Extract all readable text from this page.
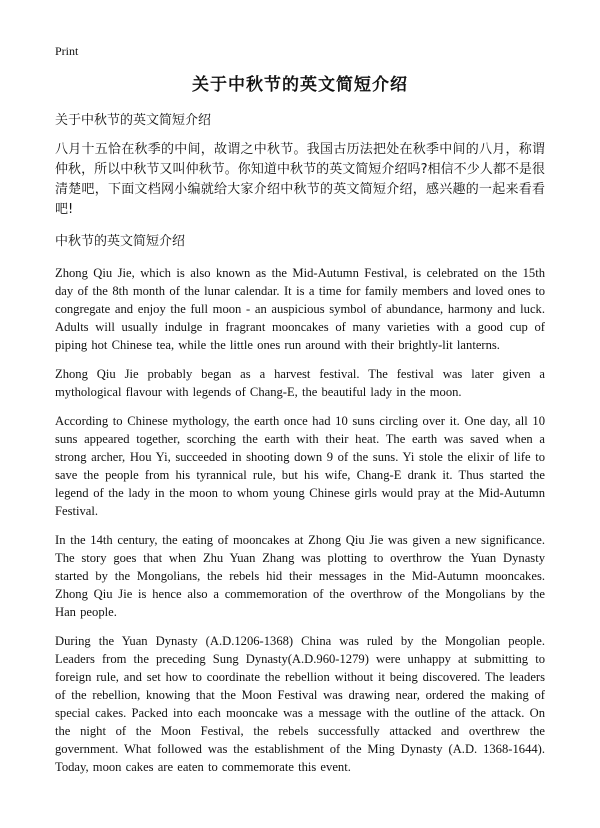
Print
关于中秋节的英文简短介绍

关于中秋节的英文简短介绍

八月十五恰在秋季的中间，故谓之中秋节。我国古历法把处在秋季中间的八月，称谓仲秋，所以中秋节又叫仲秋节。你知道中秋节的英文简短介绍吗?相信不少人都不是很清楚吧，下面文档网小编就给大家介绍中秋节的英文简短介绍，感兴趣的一起来看看吧!

中秋节的英文简短介绍

Zhong Qiu Jie, which is also known as the Mid-Autumn Festival, is celebrated on the 15th day of the 8th month of the lunar calendar. It is a time for family members and loved ones to congregate and enjoy the full moon - an auspicious symbol of abundance, harmony and luck. Adults will usually indulge in fragrant mooncakes of many varieties with a good cup of piping hot Chinese tea, while the little ones run around with their brightly-lit lanterns.

Zhong Qiu Jie probably began as a harvest festival. The festival was later given a mythological flavour with legends of Chang-E, the beautiful lady in the moon.

According to Chinese mythology, the earth once had 10 suns circling over it. One day, all 10 suns appeared together, scorching the earth with their heat. The earth was saved when a strong archer, Hou Yi, succeeded in shooting down 9 of the suns. Yi stole the elixir of life to save the people from his tyrannical rule, but his wife, Chang-E drank it. Thus started the legend of the lady in the moon to whom young Chinese girls would pray at the Mid-Autumn Festival.

In the 14th century, the eating of mooncakes at Zhong Qiu Jie was given a new significance. The story goes that when Zhu Yuan Zhang was plotting to overthrow the Yuan Dynasty started by the Mongolians, the rebels hid their messages in the Mid-Autumn mooncakes. Zhong Qiu Jie is hence also a commemoration of the overthrow of the Mongolians by the Han people.

During the Yuan Dynasty (A.D.1206-1368) China was ruled by the Mongolian people. Leaders from the preceding Sung Dynasty(A.D.960-1279) were unhappy at submitting to foreign rule, and set how to coordinate the rebellion without it being discovered. The leaders of the rebellion, knowing that the Moon Festival was drawing near, ordered the making of special cakes. Packed into each mooncake was a message with the outline of the attack. On the night of the Moon Festival, the rebels successfully attacked and overthrew the government. What followed was the establishment of the Ming Dynasty (A.D. 1368-1644). Today, moon cakes are eaten to commemorate this event.
